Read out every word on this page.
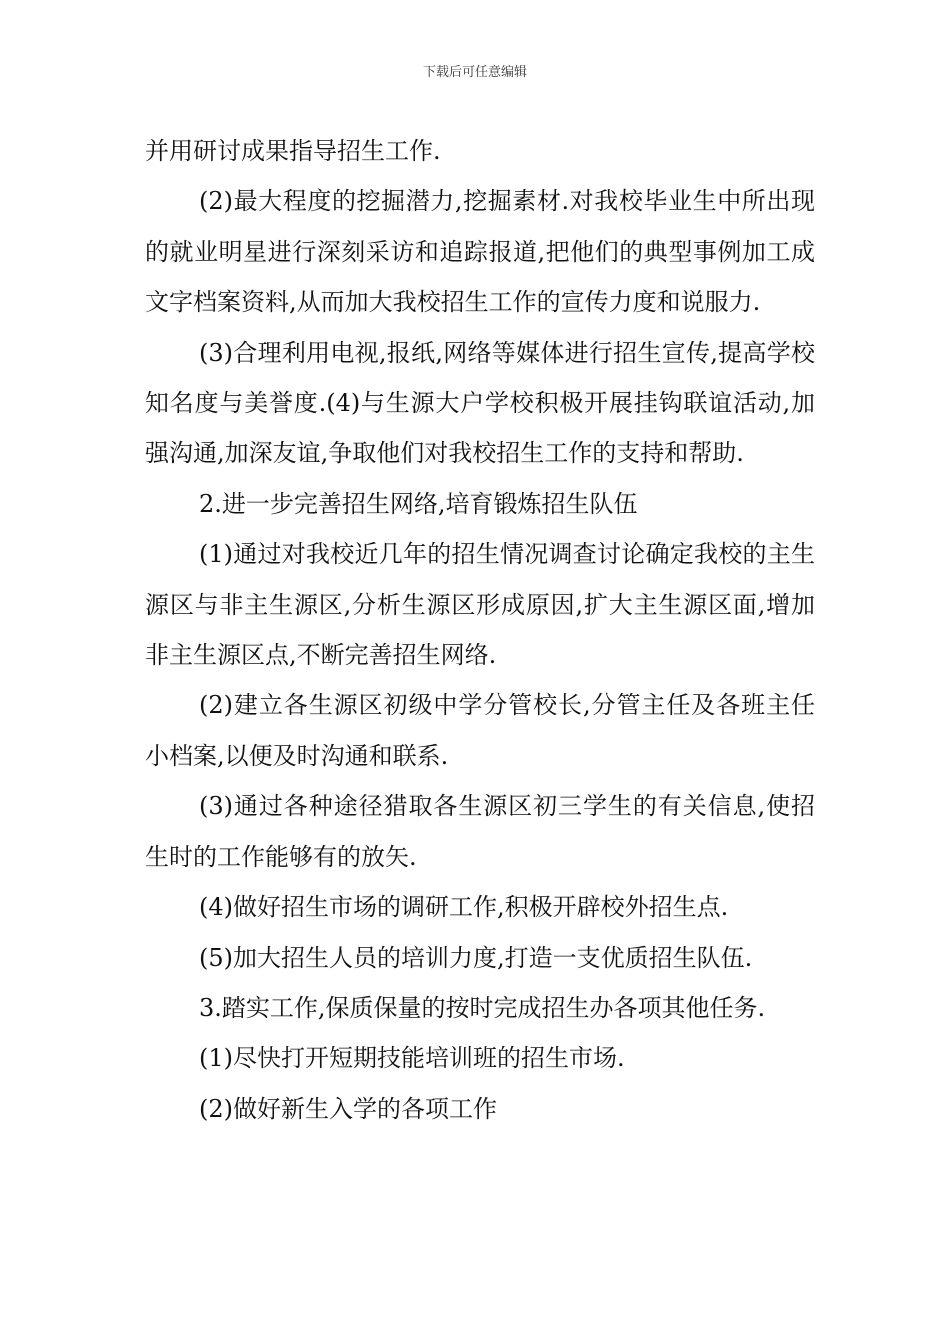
下载后可任意编辑

并用研讨成果指导招生工作.

(2)最大程度的挖掘潜力,挖掘素材.对我校毕业生中所出现的就业明星进行深刻采访和追踪报道,把他们的典型事例加工成文字档案资料,从而加大我校招生工作的宣传力度和说服力.

(3)合理利用电视,报纸,网络等媒体进行招生宣传,提高学校知名度与美誉度.(4)与生源大户学校积极开展挂钩联谊活动,加强沟通,加深友谊,争取他们对我校招生工作的支持和帮助.

2.进一步完善招生网络,培育锻炼招生队伍

(1)通过对我校近几年的招生情况调查讨论确定我校的主生源区与非主生源区,分析生源区形成原因,扩大主生源区面,增加非主生源区点,不断完善招生网络.

(2)建立各生源区初级中学分管校长,分管主任及各班主任小档案,以便及时沟通和联系.

(3)通过各种途径猎取各生源区初三学生的有关信息,使招生时的工作能够有的放矢.

(4)做好招生市场的调研工作,积极开辟校外招生点.

(5)加大招生人员的培训力度,打造一支优质招生队伍.

3.踏实工作,保质保量的按时完成招生办各项其他任务.

(1)尽快打开短期技能培训班的招生市场.

(2)做好新生入学的各项工作
